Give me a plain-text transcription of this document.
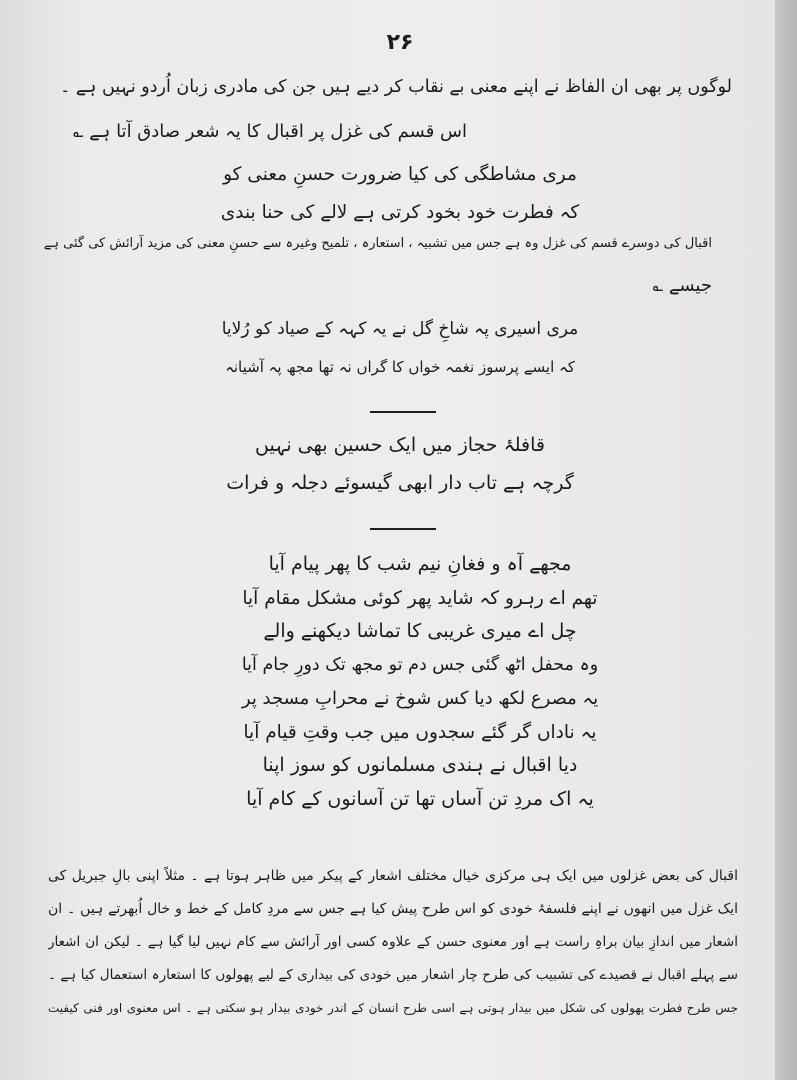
۲۶
لوگوں پر بھی ان الفاظ نے اپنے معنی بے نقاب کر دیے ہیں جن کی مادری زبان اُردو نہیں ہے ۔
اس قسم کی غزل پر اقبال کا یہ شعر صادق آتا ہے ؎
مری مشاطگی کی کیا ضرورت حسنِ معنی کو
کہ فطرت خود بخود کرتی ہے لالے کی حنا بندی
اقبال کی دوسرے قسم کی غزل وہ ہے جس میں تشبیہ ، استعارہ ، تلمیح وغیرہ سے حسنِ معنی کی مزید آرائش کی گئی ہے
جیسے ؎
مری اسیری پہ شاخِ گل نے یہ کہہ کے صیاد کو رُلایا
کہ ایسے پرسوز نغمہ خواں کا گراں نہ تھا مجھ پہ آشیانہ
قافلۂ حجاز میں ایک حسین بھی نہیں
گرچہ ہے تاب دار ابھی گیسوئے دجلہ و فرات
مجھے آہ و فغانِ نیم شب کا پھر پیام آیا
تھم اے رہرو کہ شاید پھر کوئی مشکل مقام آیا
چل اے میری غریبی کا تماشا دیکھنے والے
وہ محفل اٹھ گئی جس دم تو مجھ تک دورِ جام آیا
یہ مصرع لکھ دیا کس شوخ نے محرابِ مسجد پر
یہ ناداں گر گئے سجدوں میں جب وقتِ قیام آیا
دیا اقبال نے ہندی مسلمانوں کو سوز اپنا
یہ اک مردِ تن آساں تھا تن آسانوں کے کام آیا
اقبال کی بعض غزلوں میں ایک ہی مرکزی خیال مختلف اشعار کے پیکر میں ظاہر ہوتا ہے ۔ مثلاً اپنی بالِ جبریل کی
ایک غزل میں انھوں نے اپنے فلسفۂ خودی کو اس طرح پیش کیا ہے جس سے مردِ کامل کے خط و خال اُبھرتے ہیں ۔ ان
اشعار میں اندازِ بیان براہِ راست ہے اور معنوی حسن کے علاوہ کسی اور آرائش سے کام نہیں لیا گیا ہے ۔ لیکن ان اشعار
سے پہلے اقبال نے قصیدے کی تشبیب کی طرح چار اشعار میں خودی کی بیداری کے لیے پھولوں کا استعارہ استعمال کیا ہے ۔
جس طرح فطرت پھولوں کی شکل میں بیدار ہوتی ہے اسی طرح انسان کے اندر خودی بیدار ہو سکتی ہے ۔ اس معنوی اور فنی کیفیت
